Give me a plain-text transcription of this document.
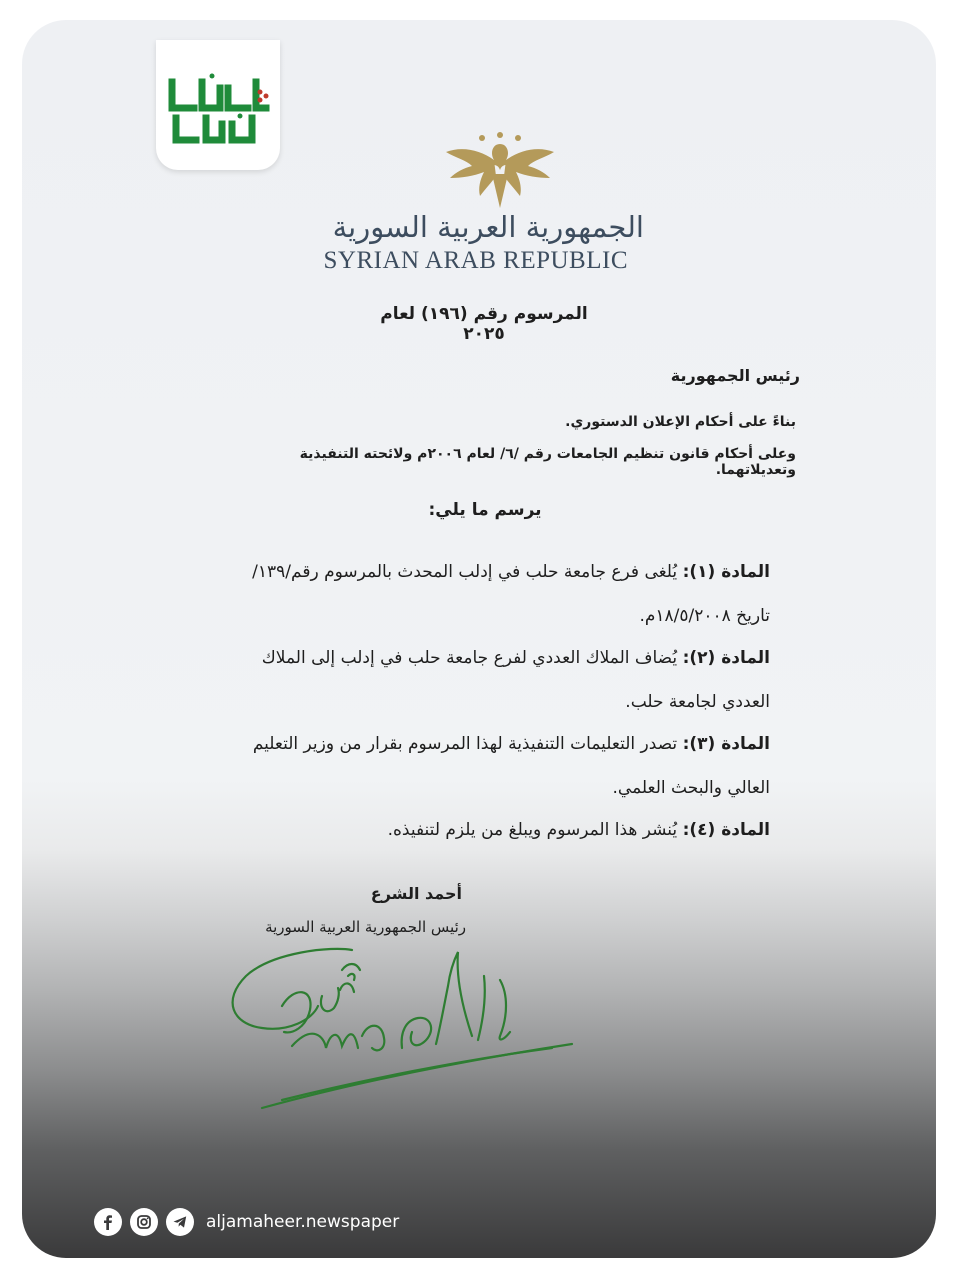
الجمهورية العربية السورية
SYRIAN ARAB REPUBLIC
المرسوم رقم (١٩٦) لعام ٢٠٢٥
رئيس الجمهورية
بناءً على أحكام الإعلان الدستوري.
وعلى أحكام قانون تنظيم الجامعات رقم /٦/ لعام ٢٠٠٦م ولائحته التنفيذية وتعديلاتهما.
يرسم ما يلي:
المادة (١): يُلغى فرع جامعة حلب في إدلب المحدث بالمرسوم رقم/١٣٩/تاريخ ١٨/٥/٢٠٠٨م.
المادة (٢): يُضاف الملاك العددي لفرع جامعة حلب في إدلب إلى الملاك العددي لجامعة حلب.
المادة (٣): تصدر التعليمات التنفيذية لهذا المرسوم بقرار من وزير التعليم العالي والبحث العلمي.
المادة (٤): يُنشر هذا المرسوم ويبلغ من يلزم لتنفيذه.
أحمد الشرع
رئيس الجمهورية العربية السورية
aljamaheer.newspaper
